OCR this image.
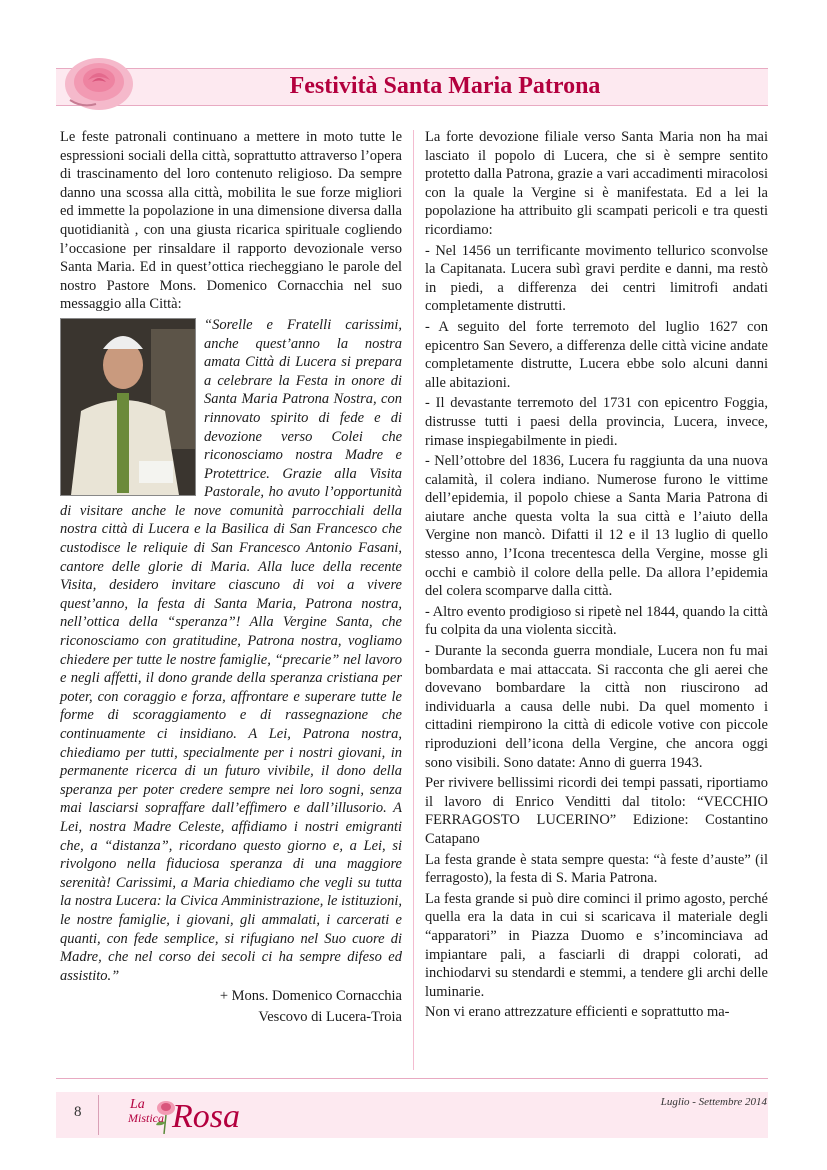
Festività Santa Maria Patrona

Le feste patronali continuano a mettere in moto tutte le espressioni sociali della città, soprattutto attraverso l’opera di trascinamento del loro contenuto religioso. Da sempre danno una scossa alla città, mobilita le sue forze migliori ed immette la popolazione in una dimensione diversa dalla quotidianità , con una giusta ricarica spirituale cogliendo l’occasione per rinsaldare il rapporto devozionale verso Santa Maria. Ed in quest’ottica riecheggiano le parole del nostro Pastore Mons. Domenico Cornacchia nel suo messaggio alla Città:

“Sorelle e Fratelli carissimi, anche quest’anno la nostra amata Città di Lucera si prepara a celebrare la Festa in onore di Santa Maria Patrona Nostra, con rinnovato spirito di fede e di devozione verso Colei che riconosciamo nostra Madre e Protettrice. Grazie alla Visita Pastorale, ho avuto l’opportunità di visitare anche le nove comunità parrocchiali della nostra città di Lucera e la Basilica di San Francesco che custodisce le reliquie di San Francesco Antonio Fasani, cantore delle glorie di Maria. Alla luce della recente Visita, desidero invitare ciascuno di voi a vivere quest’anno, la festa di Santa Maria, Patrona nostra, nell’ottica della “speranza”! Alla Vergine Santa, che riconosciamo con gratitudine, Patrona nostra, vogliamo chiedere per tutte le nostre famiglie, “precarie” nel lavoro e negli affetti, il dono grande della speranza cristiana per poter, con coraggio e forza, affrontare e superare tutte le forme di scoraggiamento e di rassegnazione che continuamente ci insidiano. A Lei, Patrona nostra, chiediamo per tutti, specialmente per i nostri giovani, in permanente ricerca di un futuro vivibile, il dono della speranza per poter credere sempre nei loro sogni, senza mai lasciarsi sopraffare dall’effimero e dall’illusorio. A Lei, nostra Madre Celeste, affidiamo i nostri emigranti che, a “distanza”, ricordano questo giorno e, a Lei, si rivolgono nella fiduciosa speranza di una maggiore serenità! Carissimi, a Maria chiediamo che vegli su tutta la nostra Lucera: la Civica Amministrazione, le istituzioni, le nostre famiglie, i giovani, gli ammalati, i carcerati e quanti, con fede semplice, si rifugiano nel Suo cuore di Madre, che nel corso dei secoli ci ha sempre difeso ed assistito.”

+ Mons. Domenico Cornacchia

Vescovo di Lucera-Troia

La forte devozione filiale verso Santa Maria non ha mai lasciato il popolo di Lucera, che si è sempre sentito protetto dalla Patrona, grazie a vari accadimenti miracolosi con la quale la Vergine si è manifestata. Ed a lei la popolazione ha attribuito gli scampati pericoli e tra questi ricordiamo:

- Nel 1456 un terrificante movimento tellurico sconvolse la Capitanata. Lucera subì gravi perdite e danni, ma restò in piedi, a differenza dei centri limitrofi andati completamente distrutti.

- A seguito del forte terremoto del luglio 1627 con epicentro San Severo, a differenza delle città vicine andate completamente distrutte, Lucera ebbe solo alcuni danni alle abitazioni.

- Il devastante terremoto del 1731 con epicentro Foggia, distrusse tutti i paesi della provincia, Lucera, invece, rimase inspiegabilmente in piedi.

- Nell’ottobre del 1836, Lucera fu raggiunta da una nuova calamità, il colera indiano. Numerose furono le vittime dell’epidemia, il popolo chiese a Santa Maria Patrona di aiutare anche questa volta la sua città e l’aiuto della Vergine non mancò. Difatti il 12 e il 13 luglio di quello stesso anno, l’Icona trecentesca della Vergine, mosse gli occhi e cambiò il colore della pelle. Da allora l’epidemia del colera scomparve dalla città.

- Altro evento prodigioso si ripetè nel 1844, quando la città fu colpita da una violenta siccità.

- Durante la seconda guerra mondiale, Lucera non fu mai bombardata e mai attaccata. Si racconta che gli aerei che dovevano bombardare la città non riuscirono ad individuarla a causa delle nubi. Da quel momento i cittadini riempirono la città di edicole votive con piccole riproduzioni dell’icona della Vergine, che ancora oggi sono visibili. Sono datate: Anno di guerra 1943.

Per rivivere bellissimi ricordi dei tempi passati, riportiamo il lavoro di Enrico Venditti dal titolo: “VECCHIO FERRAGOSTO LUCERINO” Edizione: Costantino Catapano

La festa grande è stata sempre questa: “à feste d’auste” (il ferragosto), la festa di S. Maria Patrona.

La festa grande si può dire cominci il primo agosto, perché quella era la data in cui si scaricava il materiale degli “apparatori” in Piazza Duomo e s’incominciava ad impiantare pali, a fasciarli di drappi colorati, ad inchiodarvi su stendardi e stemmi, a tendere gli archi delle luminarie.

Non vi erano attrezzature efficienti e soprattutto ma-

8	La
Mistica Rosa	Luglio - Settembre 2014
